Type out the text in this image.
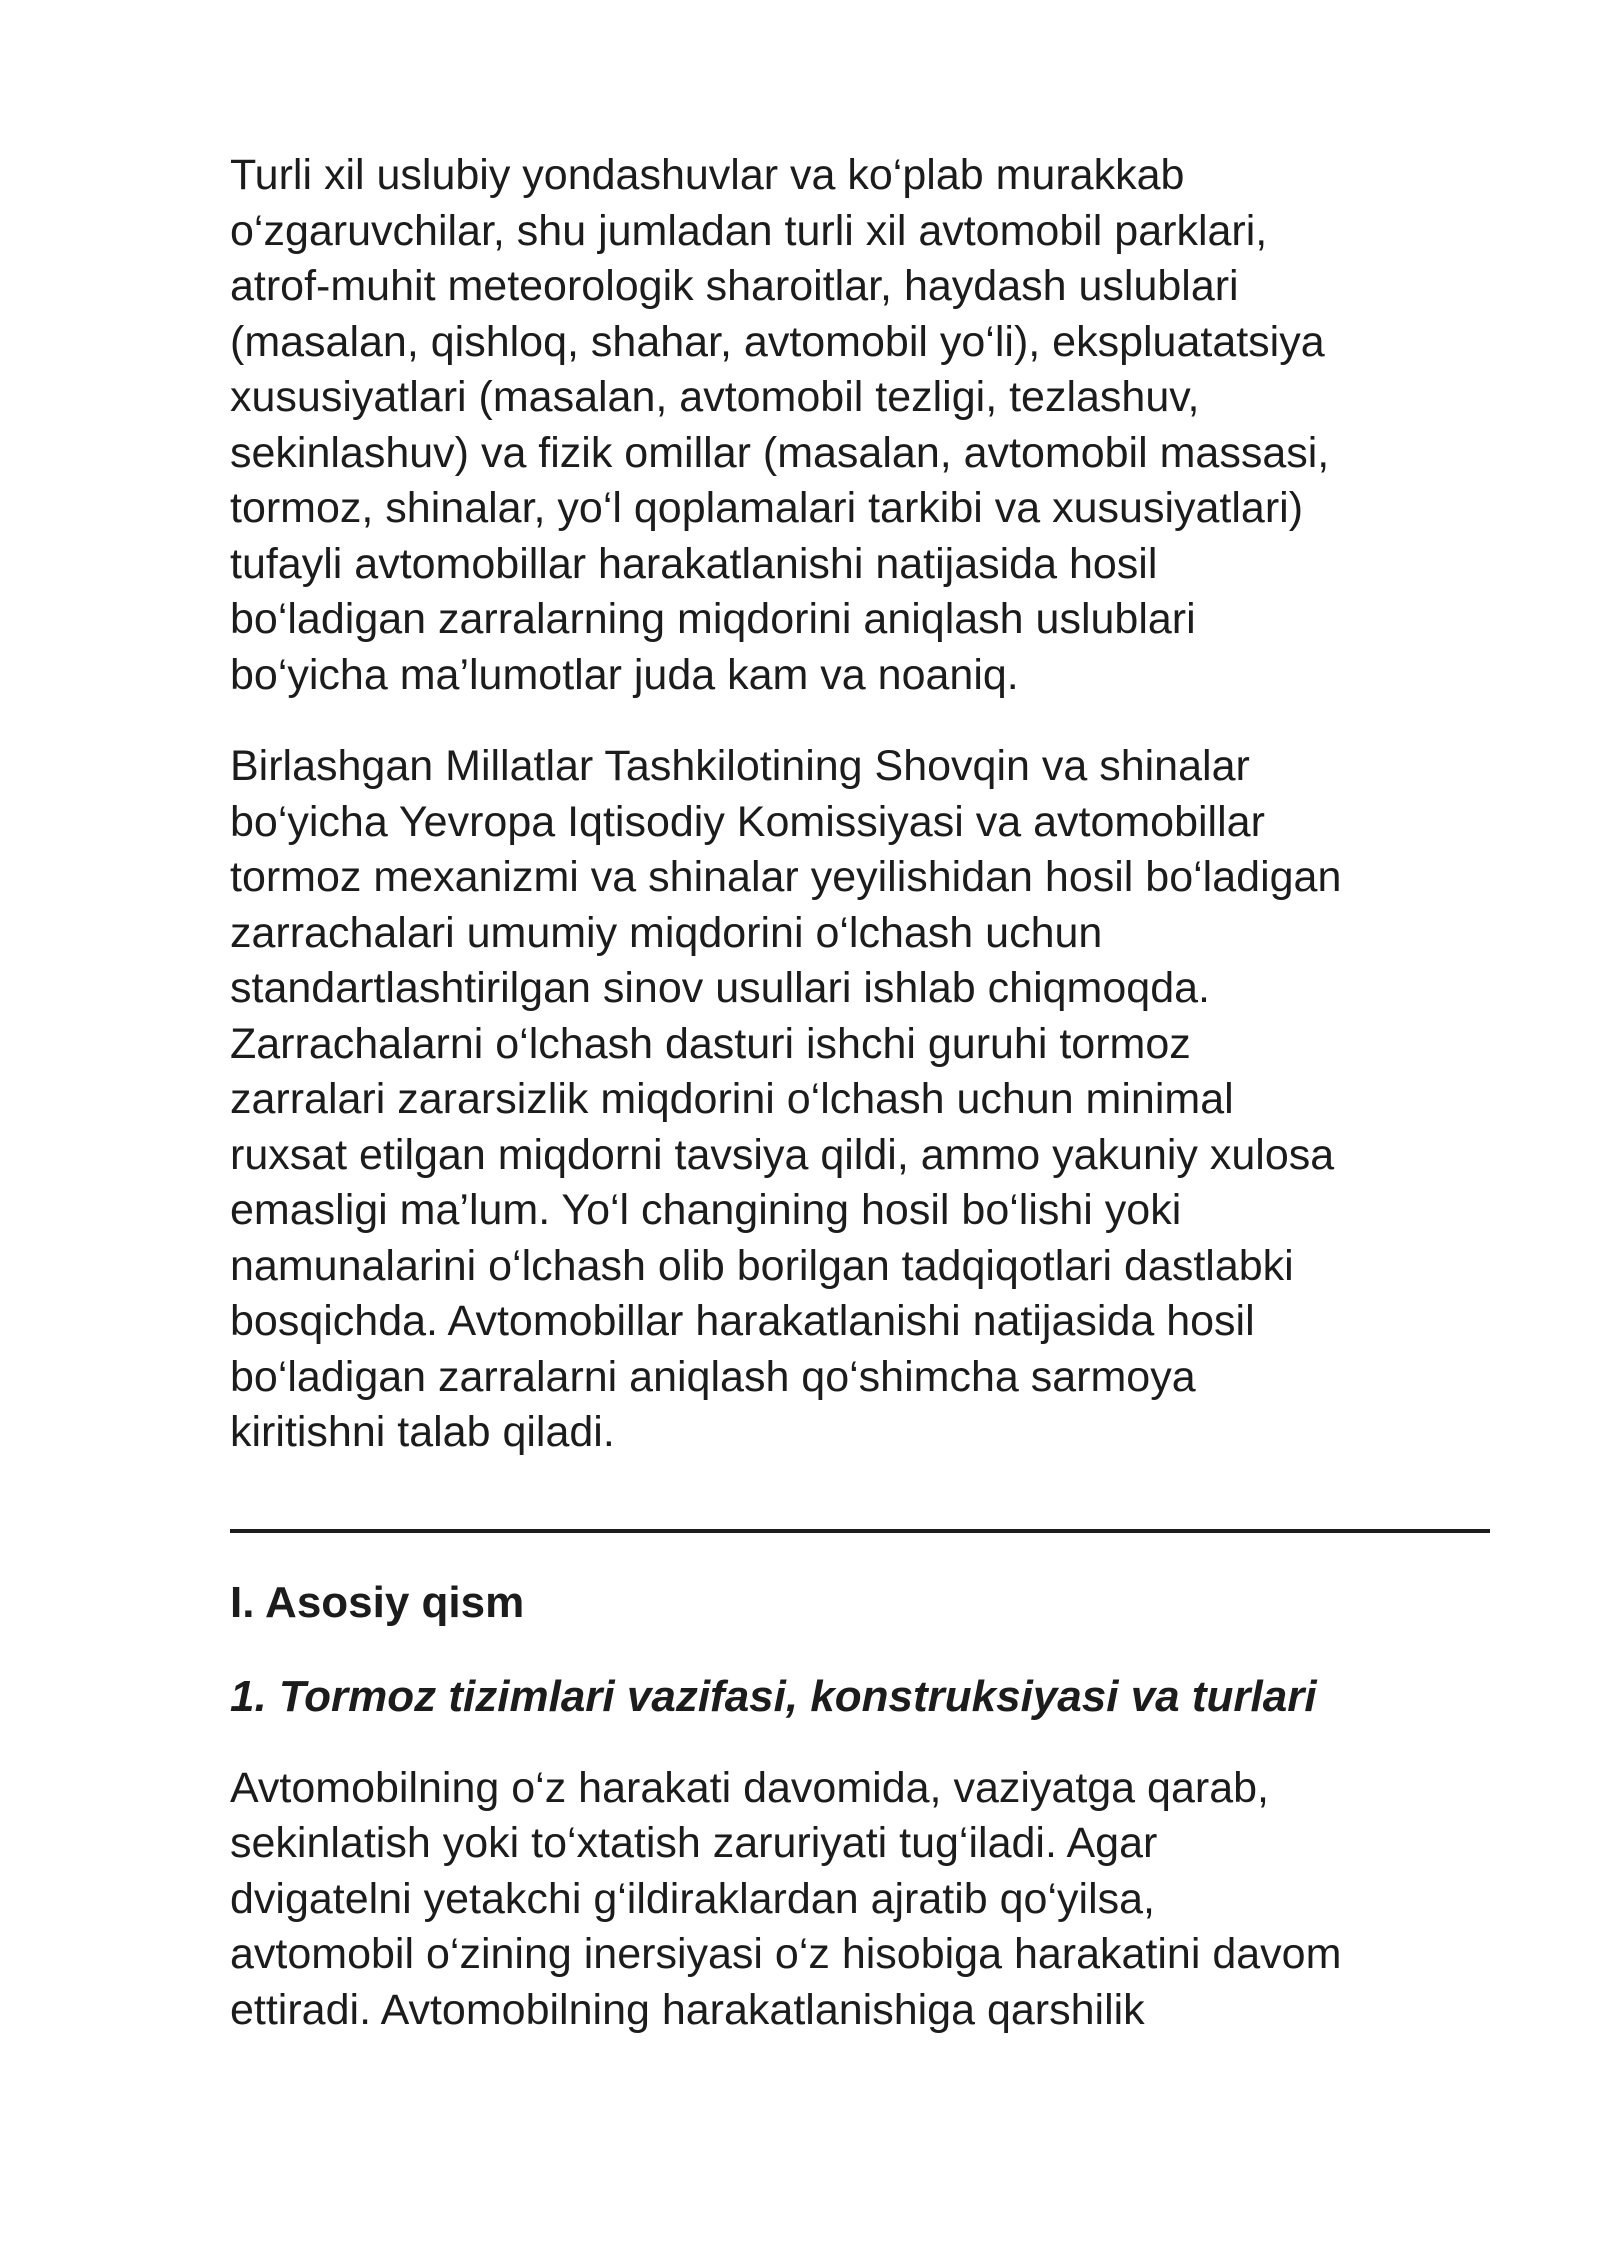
Turli xil uslubiy yondashuvlar va ko‘plab murakkab
o‘zgaruvchilar, shu jumladan turli xil avtomobil parklari,
atrof-muhit meteorologik sharoitlar, haydash uslublari
(masalan, qishloq, shahar, avtomobil yo‘li), ekspluatatsiya
xususiyatlari (masalan, avtomobil tezligi, tezlashuv,
sekinlashuv) va fizik omillar (masalan, avtomobil massasi,
tormoz, shinalar, yo‘l qoplamalari tarkibi va xususiyatlari)
tufayli avtomobillar harakatlanishi natijasida hosil
bo‘ladigan zarralarning miqdorini aniqlash uslublari
bo‘yicha ma’lumotlar juda kam va noaniq.

Birlashgan Millatlar Tashkilotining Shovqin va shinalar
bo‘yicha Yevropa Iqtisodiy Komissiyasi va avtomobillar
tormoz mexanizmi va shinalar yeyilishidan hosil bo‘ladigan
zarrachalari umumiy miqdorini o‘lchash uchun
standartlashtirilgan sinov usullari ishlab chiqmoqda.
Zarrachalarni o‘lchash dasturi ishchi guruhi tormoz
zarralari zararsizlik miqdorini o‘lchash uchun minimal
ruxsat etilgan miqdorni tavsiya qildi, ammo yakuniy xulosa
emasligi ma’lum. Yo‘l changining hosil bo‘lishi yoki
namunalarini o‘lchash olib borilgan tadqiqotlari dastlabki
bosqichda. Avtomobillar harakatlanishi natijasida hosil
bo‘ladigan zarralarni aniqlash qo‘shimcha sarmoya
kiritishni talab qiladi.

I. Asosiy qism
1. Tormoz tizimlari vazifasi, konstruksiyasi va turlari

Avtomobilning o‘z harakati davomida, vaziyatga qarab,
sekinlatish yoki to‘xtatish zaruriyati tug‘iladi. Agar
dvigatelni yetakchi g‘ildiraklardan ajratib qo‘yilsa,
avtomobil o‘zining inersiyasi o‘z hisobiga harakatini davom
ettiradi. Avtomobilning harakatlanishiga qarshilik
